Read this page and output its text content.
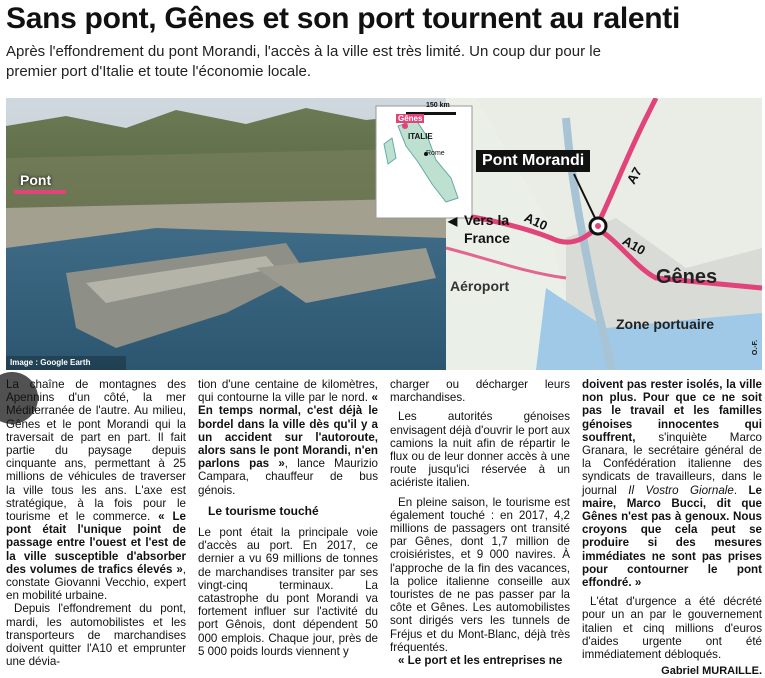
Sans pont, Gênes et son port tournent au ralenti
Après l'effondrement du pont Morandi, l'accès à la ville est très limité. Un coup dur pour le premier port d'Italie et toute l'économie locale.
Pont
Image : Google Earth
150 km
Gênes
ITALIE
Rome	Pont Morandi
◀ Vers la
France
A10
A10
A7
Aéroport	Gênes
Zone portuaire
O.-F.

La chaîne de montagnes des Apennins d'un côté, la mer Méditerranée de l'autre. Au milieu, Gênes et le pont Morandi qui la traversait de part en part. Il fait partie du paysage depuis cinquante ans, permettant à 25 millions de véhicules de traverser la ville tous les ans. L'axe est stratégique, à la fois pour le tourisme et le commerce. « Le pont était l'unique point de passage entre l'ouest et l'est de la ville susceptible d'absorber des volumes de trafics élevés », constate Giovanni Vecchio, expert en mobilité urbaine.

Depuis l'effondrement du pont, mardi, les automobilistes et les transporteurs de marchandises doivent quitter l'A10 et emprunter une dévia-

tion d'une centaine de kilomètres, qui contourne la ville par le nord. « En temps normal, c'est déjà le bordel dans la ville dès qu'il y a un accident sur l'autoroute, alors sans le pont Morandi, n'en parlons pas », lance Maurizio Campara, chauffeur de bus génois.

Le tourisme touché

Le pont était la principale voie d'accès au port. En 2017, ce dernier a vu 69 millions de tonnes de marchandises transiter par ses vingt-cinq terminaux. La catastrophe du pont Morandi va fortement influer sur l'activité du port Gênois, dont dépendent 50 000 emplois. Chaque jour, près de 5 000 poids lourds viennent y

charger ou décharger leurs marchandises.

Les autorités génoises envisagent déjà d'ouvrir le port aux camions la nuit afin de répartir le flux ou de leur donner accès à une route jusqu'ici réservée à un aciériste italien.

En pleine saison, le tourisme est également touché : en 2017, 4,2 millions de passagers ont transité par Gênes, dont 1,7 million de croisiéristes, et 9 000 navires. À l'approche de la fin des vacances, la police italienne conseille aux touristes de ne pas passer par la côte et Gênes. Les automobilistes sont dirigés vers les tunnels de Fréjus et du Mont-Blanc, déjà très fréquentés.

« Le port et les entreprises ne

doivent pas rester isolés, la ville non plus. Pour que ce ne soit pas le travail et les familles génoises innocentes qui souffrent, s'inquiète Marco Granara, le secrétaire général de la Confédération italienne des syndicats de travailleurs, dans le journal Il Vostro Giornale. Le maire, Marco Bucci, dit que Gênes n'est pas à genoux. Nous croyons que cela peut se produire si des mesures immédiates ne sont pas prises pour contourner le pont effondré. »

L'état d'urgence a été décrété pour un an par le gouvernement italien et cinq millions d'euros d'aides urgente ont été immédiatement débloqués.

Gabriel MURAILLE.
